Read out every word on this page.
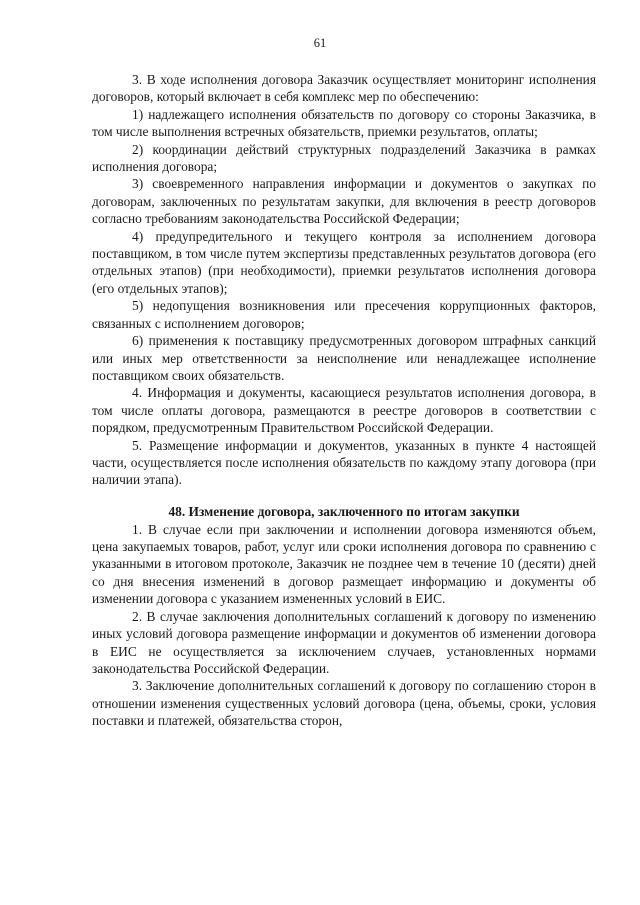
61

3. В ходе исполнения договора Заказчик осуществляет мониторинг исполнения договоров, который включает в себя комплекс мер по обеспечению:

1) надлежащего исполнения обязательств по договору со стороны Заказчика, в том числе выполнения встречных обязательств, приемки результатов, оплаты;

2) координации действий структурных подразделений Заказчика в рамках исполнения договора;

3) своевременного направления информации и документов о закупках по договорам, заключенных по результатам закупки, для включения в реестр договоров согласно требованиям законодательства Российской Федерации;

4) предупредительного и текущего контроля за исполнением договора поставщиком, в том числе путем экспертизы представленных результатов договора (его отдельных этапов) (при необходимости), приемки результатов исполнения договора (его отдельных этапов);

5) недопущения возникновения или пресечения коррупционных факторов, связанных с исполнением договоров;

6) применения к поставщику предусмотренных договором штрафных санкций или иных мер ответственности за неисполнение или ненадлежащее исполнение поставщиком своих обязательств.

4. Информация и документы, касающиеся результатов исполнения договора, в том числе оплаты договора, размещаются в реестре договоров в соответствии с порядком, предусмотренным Правительством Российской Федерации.

5. Размещение информации и документов, указанных в пункте 4 настоящей части, осуществляется после исполнения обязательств по каждому этапу договора (при наличии этапа).

48. Изменение договора, заключенного по итогам закупки

1. В случае если при заключении и исполнении договора изменяются объем, цена закупаемых товаров, работ, услуг или сроки исполнения договора по сравнению с указанными в итоговом протоколе, Заказчик не позднее чем в течение 10 (десяти) дней со дня внесения изменений в договор размещает информацию и документы об изменении договора с указанием измененных условий в ЕИС.

2. В случае заключения дополнительных соглашений к договору по изменению иных условий договора размещение информации и документов об изменении договора в ЕИС не осуществляется за исключением случаев, установленных нормами законодательства Российской Федерации.

3. Заключение дополнительных соглашений к договору по соглашению сторон в отношении изменения существенных условий договора (цена, объемы, сроки, условия поставки и платежей, обязательства сторон,
